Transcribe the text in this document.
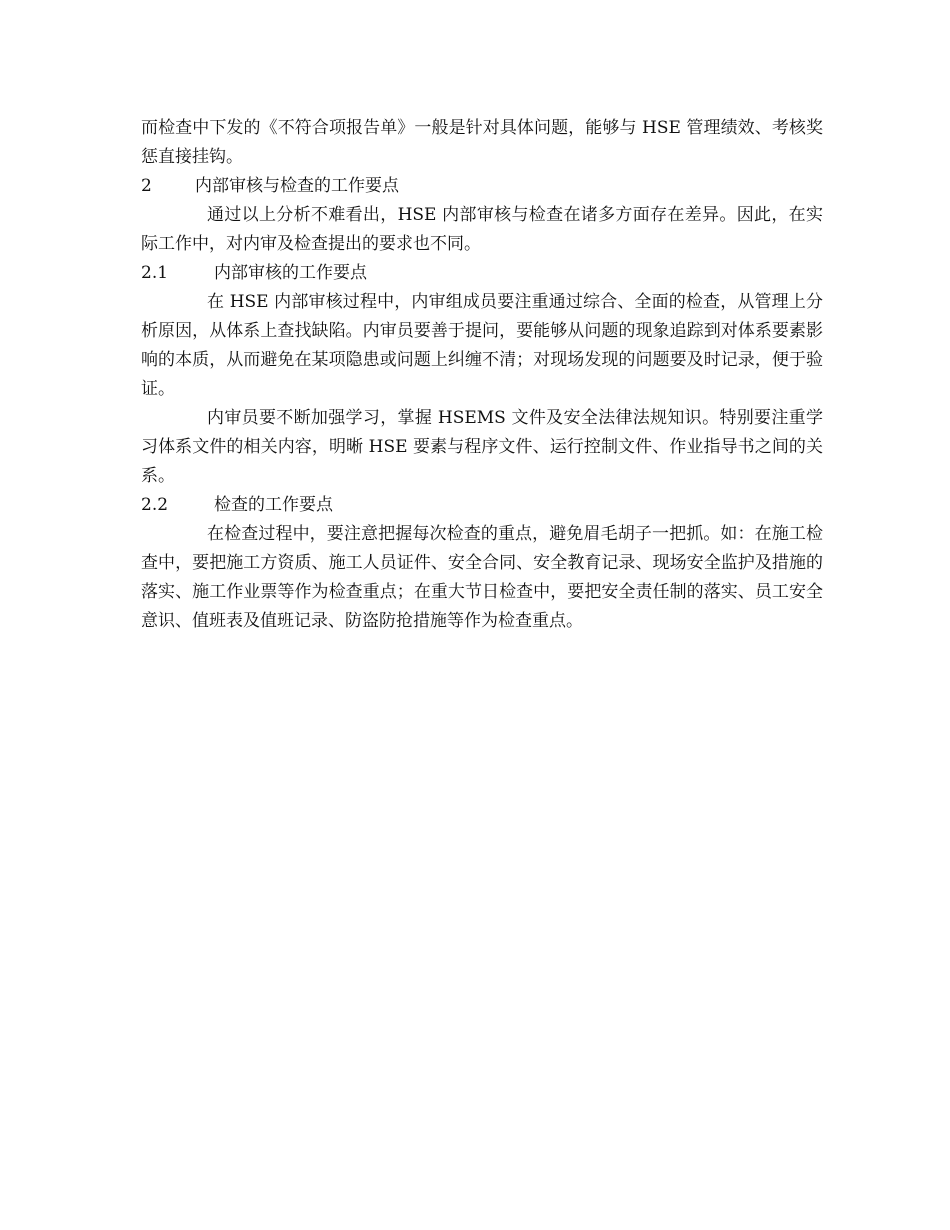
而检查中下发的《不符合项报告单》一般是针对具体问题，能够与 HSE 管理绩效、考核奖惩直接挂钩。

2	内部审核与检查的工作要点

通过以上分析不难看出，HSE 内部审核与检查在诸多方面存在差异。因此，在实际工作中，对内审及检查提出的要求也不同。

2.1	内部审核的工作要点

在 HSE 内部审核过程中，内审组成员要注重通过综合、全面的检查，从管理上分析原因，从体系上查找缺陷。内审员要善于提问，要能够从问题的现象追踪到对体系要素影响的本质，从而避免在某项隐患或问题上纠缠不清；对现场发现的问题要及时记录，便于验证。

内审员要不断加强学习，掌握 HSEMS 文件及安全法律法规知识。特别要注重学习体系文件的相关内容，明晰 HSE 要素与程序文件、运行控制文件、作业指导书之间的关系。

2.2	检查的工作要点

在检查过程中，要注意把握每次检查的重点，避免眉毛胡子一把抓。如：在施工检查中，要把施工方资质、施工人员证件、安全合同、安全教育记录、现场安全监护及措施的落实、施工作业票等作为检查重点；在重大节日检查中，要把安全责任制的落实、员工安全意识、值班表及值班记录、防盗防抢措施等作为检查重点。
